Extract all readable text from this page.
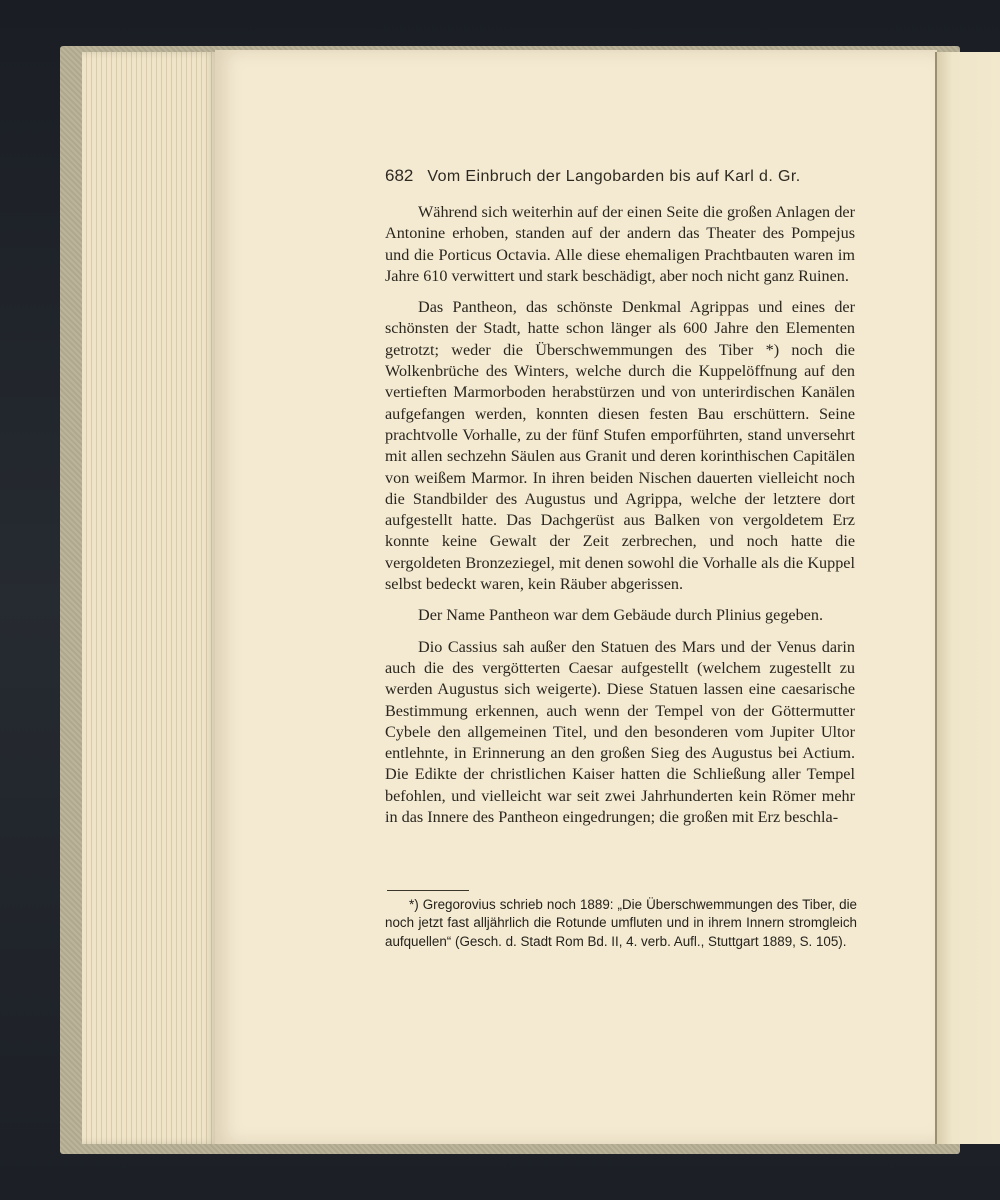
682 Vom Einbruch der Langobarden bis auf Karl d. Gr.

Während sich weiterhin auf der einen Seite die großen Anlagen der Antonine erhoben, standen auf der andern das Theater des Pompejus und die Porticus Octavia. Alle diese ehemaligen Prachtbauten waren im Jahre 610 verwittert und stark beschädigt, aber noch nicht ganz Ruinen.

Das Pantheon, das schönste Denkmal Agrippas und eines der schönsten der Stadt, hatte schon länger als 600 Jahre den Elementen getrotzt; weder die Überschwemmungen des Tiber *) noch die Wolkenbrüche des Winters, welche durch die Kuppelöffnung auf den vertieften Marmorboden herabstürzen und von unterirdischen Kanälen aufgefangen werden, konnten diesen festen Bau erschüttern. Seine prachtvolle Vorhalle, zu der fünf Stufen emporführten, stand unversehrt mit allen sechzehn Säulen aus Granit und deren korinthischen Capitälen von weißem Marmor. In ihren beiden Nischen dauerten vielleicht noch die Standbilder des Augustus und Agrippa, welche der letztere dort aufgestellt hatte. Das Dachgerüst aus Balken von vergoldetem Erz konnte keine Gewalt der Zeit zerbrechen, und noch hatte die vergoldeten Bronzeziegel, mit denen sowohl die Vorhalle als die Kuppel selbst bedeckt waren, kein Räuber abgerissen.

Der Name Pantheon war dem Gebäude durch Plinius gegeben.

Dio Cassius sah außer den Statuen des Mars und der Venus darin auch die des vergötterten Caesar aufgestellt (welchem zugestellt zu werden Augustus sich weigerte). Diese Statuen lassen eine caesarische Bestimmung erkennen, auch wenn der Tempel von der Göttermutter Cybele den allgemeinen Titel, und den besonderen vom Jupiter Ultor entlehnte, in Erinnerung an den großen Sieg des Augustus bei Actium. Die Edikte der christlichen Kaiser hatten die Schließung aller Tempel befohlen, und vielleicht war seit zwei Jahrhunderten kein Römer mehr in das Innere des Pantheon eingedrungen; die großen mit Erz beschla-

*) Gregorovius schrieb noch 1889: „Die Überschwemmungen des Tiber, die noch jetzt fast alljährlich die Rotunde umfluten und in ihrem Innern stromgleich aufquellen“ (Gesch. d. Stadt Rom Bd. II, 4. verb. Aufl., Stuttgart 1889, S. 105).
